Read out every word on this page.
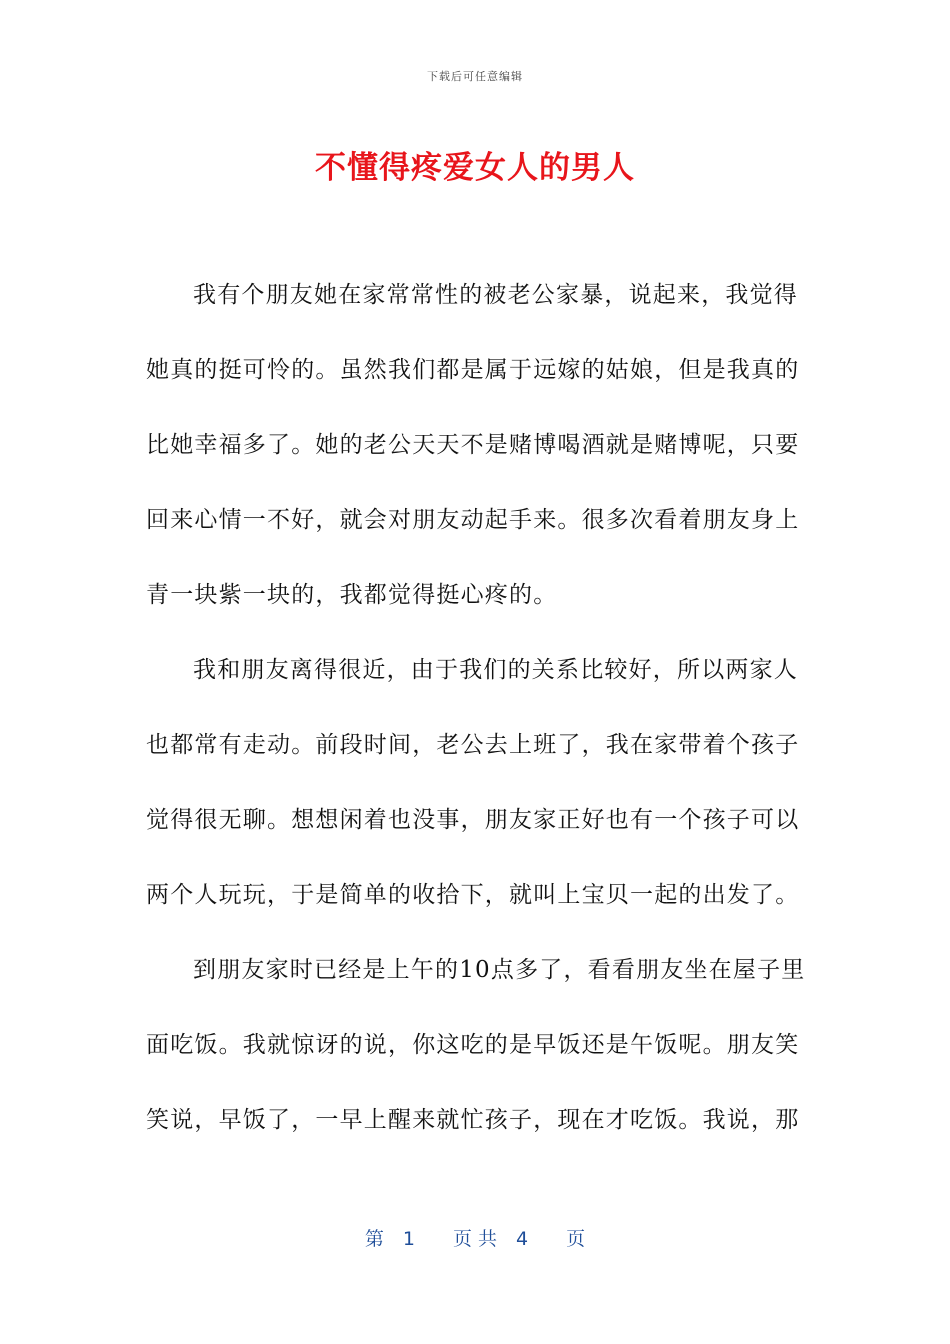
下载后可任意编辑
不懂得疼爱女人的男人
我有个朋友她在家常常性的被老公家暴，说起来，我觉得
她真的挺可怜的。虽然我们都是属于远嫁的姑娘，但是我真的
比她幸福多了。她的老公天天不是赌博喝酒就是赌博呢，只要
回来心情一不好，就会对朋友动起手来。很多次看着朋友身上
青一块紫一块的，我都觉得挺心疼的。
我和朋友离得很近，由于我们的关系比较好，所以两家人
也都常有走动。前段时间，老公去上班了，我在家带着个孩子
觉得很无聊。想想闲着也没事，朋友家正好也有一个孩子可以
两个人玩玩，于是简单的收拾下，就叫上宝贝一起的出发了。
到朋友家时已经是上午的10点多了，看看朋友坐在屋子里
面吃饭。我就惊讶的说，你这吃的是早饭还是午饭呢。朋友笑
笑说，早饭了，一早上醒来就忙孩子，现在才吃饭。我说，那
第　1　　页 共　4　　页
